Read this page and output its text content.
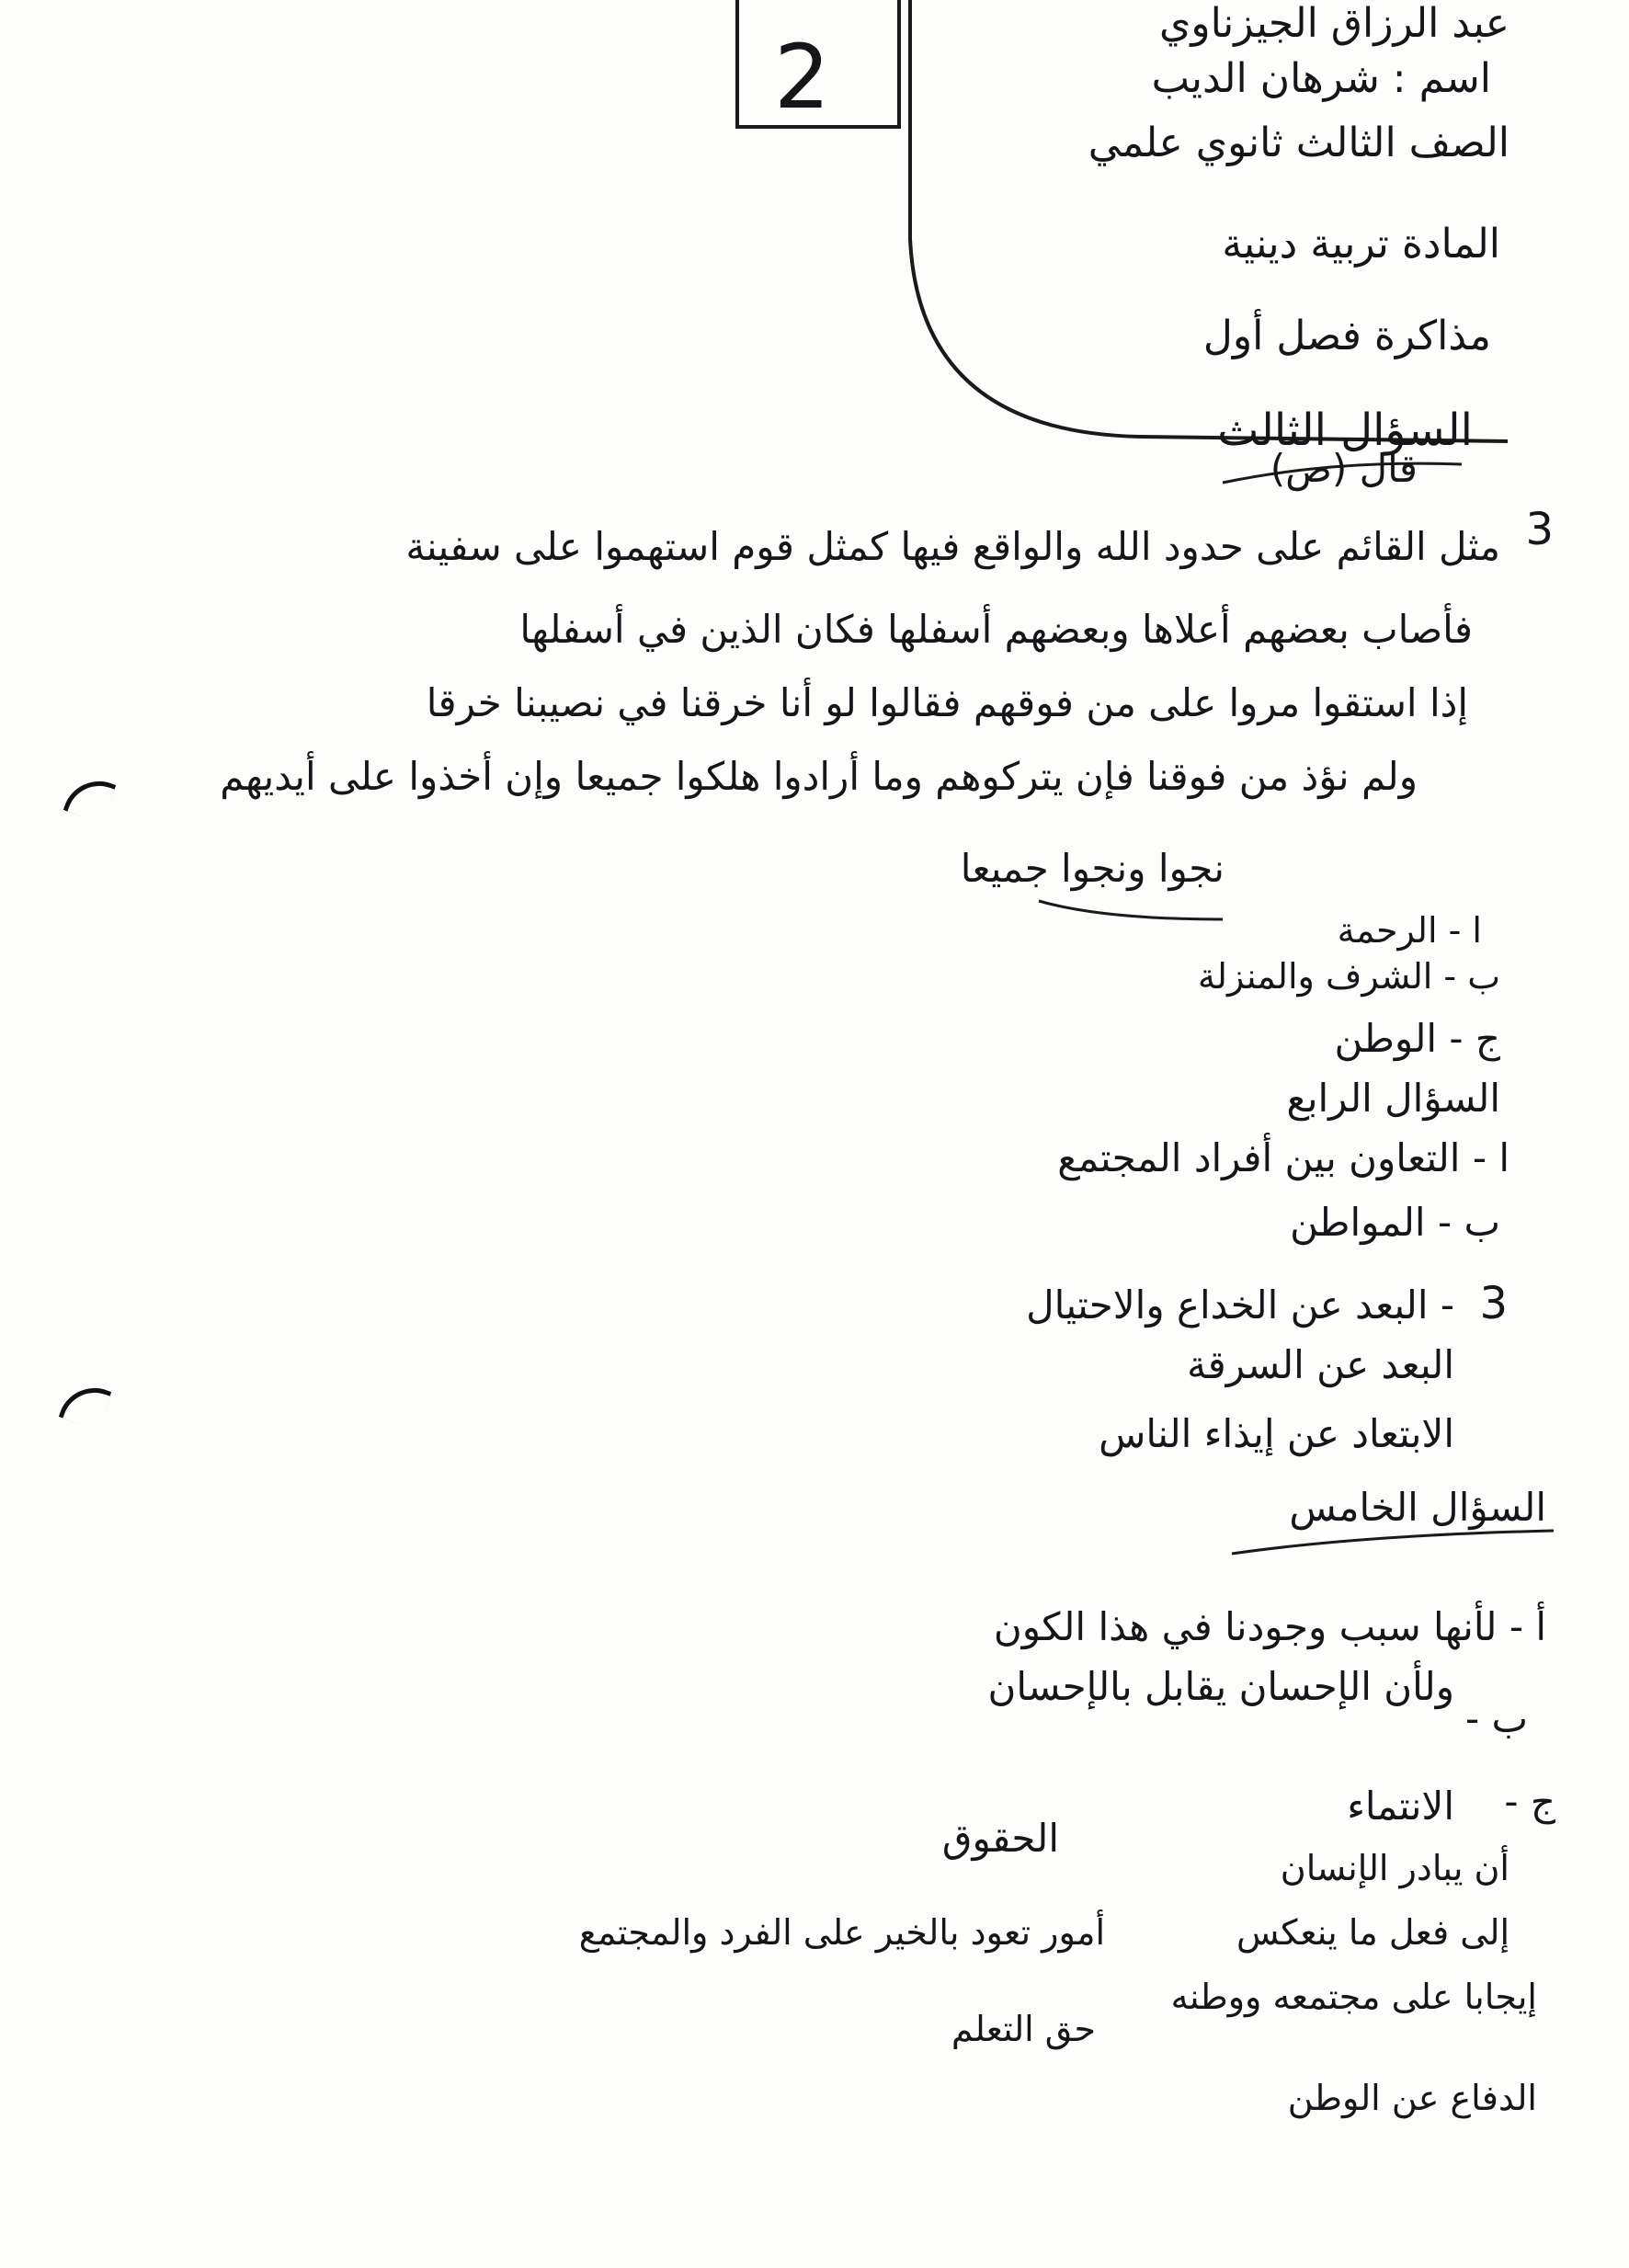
2
عبد الرزاق الجيزناوي
اسم : شرهان الديب
الصف الثالث ثانوي علمي
المادة تربية دينية
مذاكرة فصل أول
السؤال الثالث
قال (ص)
3
مثل القائم على حدود الله والواقع فيها كمثل قوم استهموا على سفينة
فأصاب بعضهم أعلاها وبعضهم أسفلها فكان الذين في أسفلها
إذا استقوا مروا على من فوقهم فقالوا لو أنا خرقنا في نصيبنا خرقا
ولم نؤذ من فوقنا فإن يتركوهم وما أرادوا هلكوا جميعا وإن أخذوا على أيديهم
نجوا ونجوا جميعا
ا - الرحمة
ب - الشرف والمنزلة
ج - الوطن
السؤال الرابع
ا - التعاون بين أفراد المجتمع
ب - المواطن
3
- البعد عن الخداع والاحتيال
البعد عن السرقة
الابتعاد عن إيذاء الناس
السؤال الخامس
أ - لأنها سبب وجودنا في هذا الكون
ولأن الإحسان يقابل بالإحسان
ب -
ج -
الانتماء
أن يبادر الإنسان
إلى فعل ما ينعكس
إيجابا على مجتمعه ووطنه
الحقوق
أمور تعود بالخير على الفرد والمجتمع
حق التعلم
الدفاع عن الوطن
